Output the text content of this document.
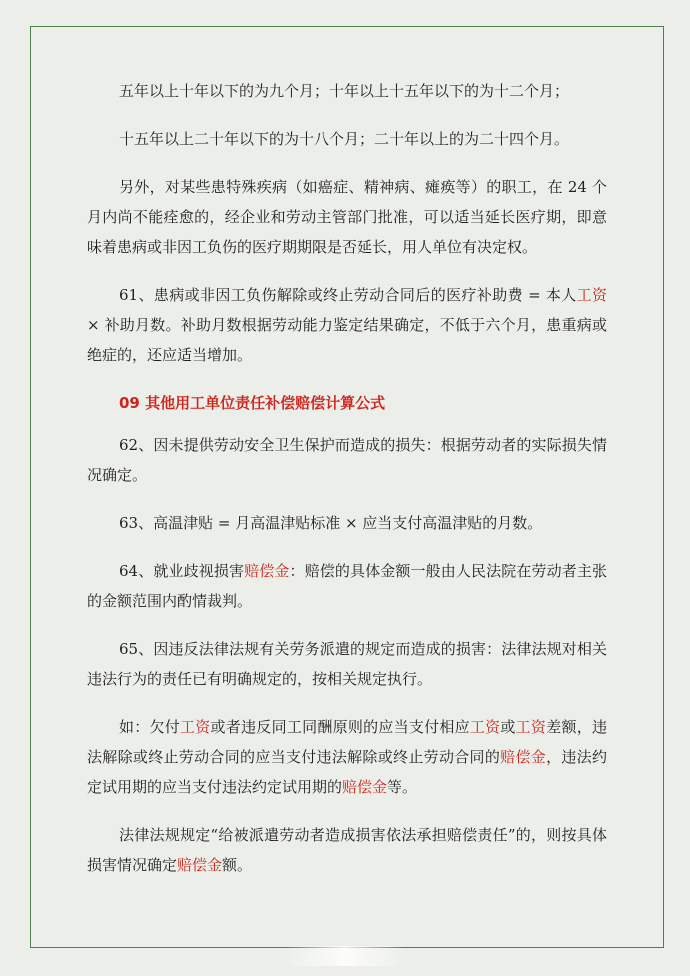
五年以上十年以下的为九个月；十年以上十五年以下的为十二个月；

十五年以上二十年以下的为十八个月；二十年以上的为二十四个月。

另外，对某些患特殊疾病（如癌症、精神病、瘫痪等）的职工，在 24 个月内尚不能痊愈的，经企业和劳动主管部门批准，可以适当延长医疗期，即意味着患病或非因工负伤的医疗期期限是否延长，用人单位有决定权。

61、患病或非因工负伤解除或终止劳动合同后的医疗补助费 = 本人工资 × 补助月数。补助月数根据劳动能力鉴定结果确定，不低于六个月，患重病或绝症的，还应适当增加。

09 其他用工单位责任补偿赔偿计算公式

62、因未提供劳动安全卫生保护而造成的损失：根据劳动者的实际损失情况确定。

63、高温津贴 = 月高温津贴标准 × 应当支付高温津贴的月数。

64、就业歧视损害赔偿金：赔偿的具体金额一般由人民法院在劳动者主张的金额范围内酌情裁判。

65、因违反法律法规有关劳务派遣的规定而造成的损害：法律法规对相关违法行为的责任已有明确规定的，按相关规定执行。

如：欠付工资或者违反同工同酬原则的应当支付相应工资或工资差额，违法解除或终止劳动合同的应当支付违法解除或终止劳动合同的赔偿金，违法约定试用期的应当支付违法约定试用期的赔偿金等。

法律法规规定“给被派遣劳动者造成损害依法承担赔偿责任”的，则按具体损害情况确定赔偿金额。
